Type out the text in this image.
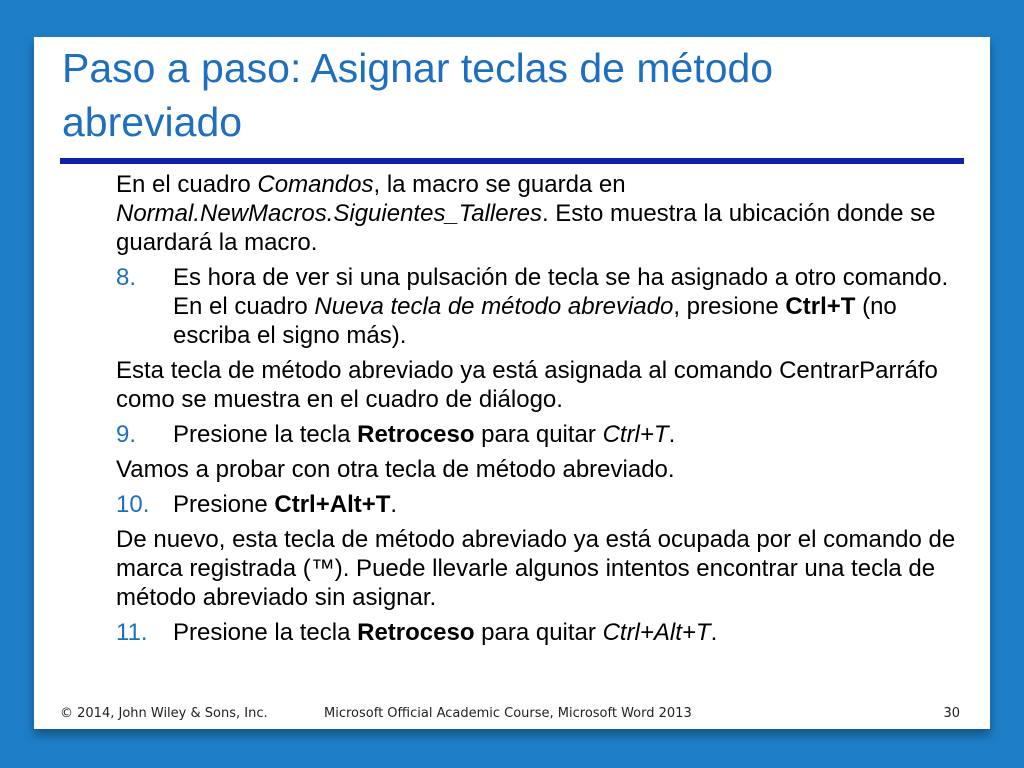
Paso a paso: Asignar teclas de método abreviado

En el cuadro Comandos, la macro se guarda en Normal.NewMacros.Siguientes_Talleres. Esto muestra la ubicación donde se guardará la macro.

8.	Es hora de ver si una pulsación de tecla se ha asignado a otro comando. En el cuadro Nueva tecla de método abreviado, presione Ctrl+T (no escriba el signo más).

Esta tecla de método abreviado ya está asignada al comando CentrarParráfo como se muestra en el cuadro de diálogo.

9.	Presione la tecla Retroceso para quitar Ctrl+T.

Vamos a probar con otra tecla de método abreviado.

10. Presione Ctrl+Alt+T.

De nuevo, esta tecla de método abreviado ya está ocupada por el comando de marca registrada (™). Puede llevarle algunos intentos encontrar una tecla de método abreviado sin asignar.

11.	Presione la tecla Retroceso para quitar Ctrl+Alt+T.
© 2014, John Wiley & Sons, Inc.	Microsoft Official Academic Course, Microsoft Word 2013	30
